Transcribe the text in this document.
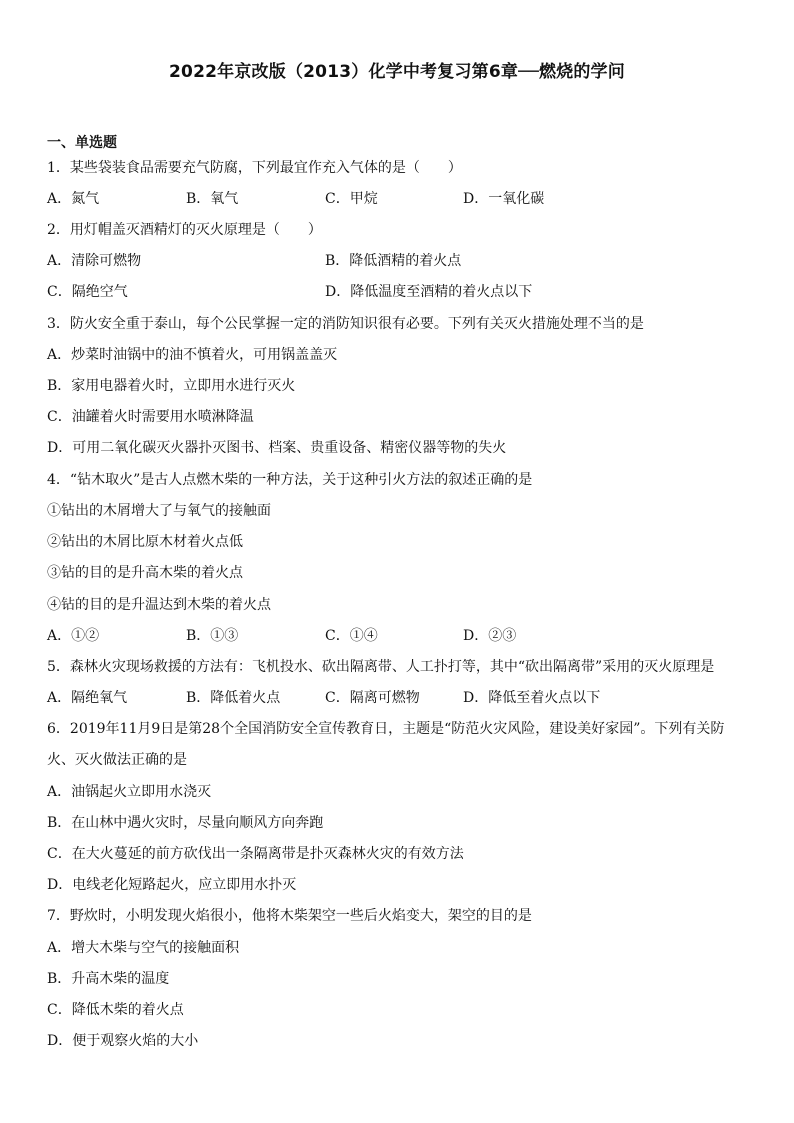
2022年京改版（2013）化学中考复习第6章──燃烧的学问
一、单选题
1．某些袋装食品需要充气防腐，下列最宜作充入气体的是（　　）
A．氮气	B．氧气	C．甲烷	D．一氧化碳
2．用灯帽盖灭酒精灯的灭火原理是（　　）
A．清除可燃物	B．降低酒精的着火点
C．隔绝空气	D．降低温度至酒精的着火点以下
3．防火安全重于泰山，每个公民掌握一定的消防知识很有必要。下列有关灭火措施处理不当的是
A．炒菜时油锅中的油不慎着火，可用锅盖盖灭
B．家用电器着火时，立即用水进行灭火
C．油罐着火时需要用水喷淋降温
D．可用二氧化碳灭火器扑灭图书、档案、贵重设备、精密仪器等物的失火
4．“钻木取火”是古人点燃木柴的一种方法，关于这种引火方法的叙述正确的是
①钻出的木屑增大了与氧气的接触面
②钻出的木屑比原木材着火点低
③钻的目的是升高木柴的着火点
④钻的目的是升温达到木柴的着火点
A．①②	B．①③	C．①④	D．②③
5．森林火灾现场救援的方法有：飞机投水、砍出隔离带、人工扑打等，其中“砍出隔离带”采用的灭火原理是
A．隔绝氧气	B．降低着火点	C．隔离可燃物	D．降低至着火点以下
6．2019年11月9日是第28个全国消防安全宣传教育日，主题是“防范火灾风险，建设美好家园”。下列有关防
火、灭火做法正确的是
A．油锅起火立即用水浇灭
B．在山林中遇火灾时，尽量向顺风方向奔跑
C．在大火蔓延的前方砍伐出一条隔离带是扑灭森林火灾的有效方法
D．电线老化短路起火，应立即用水扑灭
7．野炊时，小明发现火焰很小，他将木柴架空一些后火焰变大，架空的目的是
A．增大木柴与空气的接触面积
B．升高木柴的温度
C．降低木柴的着火点
D．便于观察火焰的大小
